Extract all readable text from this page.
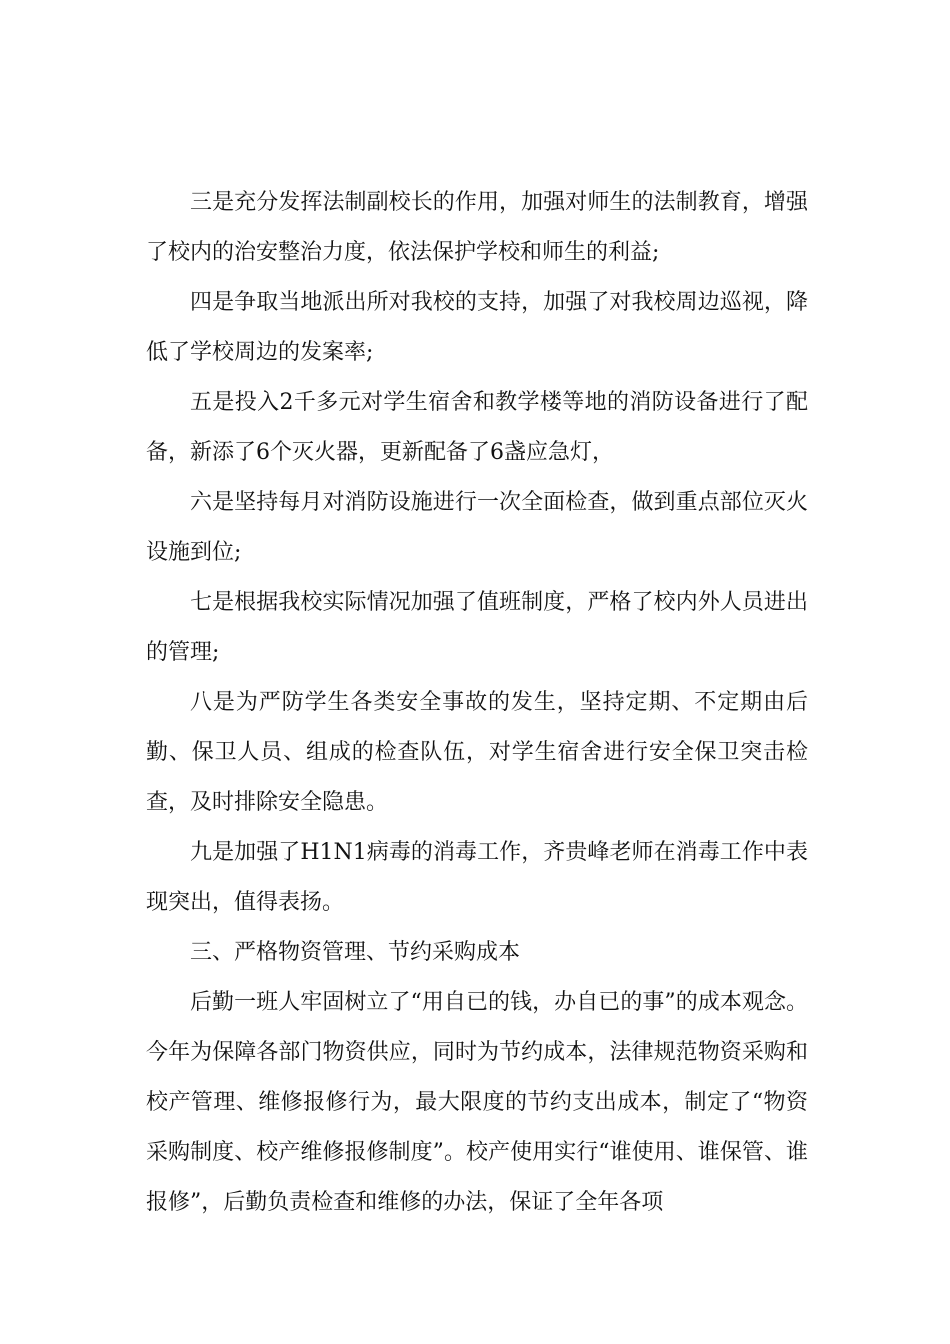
三是充分发挥法制副校长的作用，加强对师生的法制教育，增强了校内的治安整治力度，依法保护学校和师生的利益;

四是争取当地派出所对我校的支持，加强了对我校周边巡视，降低了学校周边的发案率;

五是投入2千多元对学生宿舍和教学楼等地的消防设备进行了配备，新添了6个灭火器，更新配备了6盏应急灯，

六是坚持每月对消防设施进行一次全面检查，做到重点部位灭火设施到位;

七是根据我校实际情况加强了值班制度，严格了校内外人员进出的管理;

八是为严防学生各类安全事故的发生，坚持定期、不定期由后勤、保卫人员、组成的检查队伍，对学生宿舍进行安全保卫突击检查，及时排除安全隐患。

九是加强了H1N1病毒的消毒工作，齐贵峰老师在消毒工作中表现突出，值得表扬。

三、严格物资管理、节约采购成本

后勤一班人牢固树立了“用自已的钱，办自已的事”的成本观念。今年为保障各部门物资供应，同时为节约成本，法律规范物资采购和校产管理、维修报修行为，最大限度的节约支出成本，制定了“物资采购制度、校产维修报修制度”。校产使用实行“谁使用、谁保管、谁报修”，后勤负责检查和维修的办法，保证了全年各项
